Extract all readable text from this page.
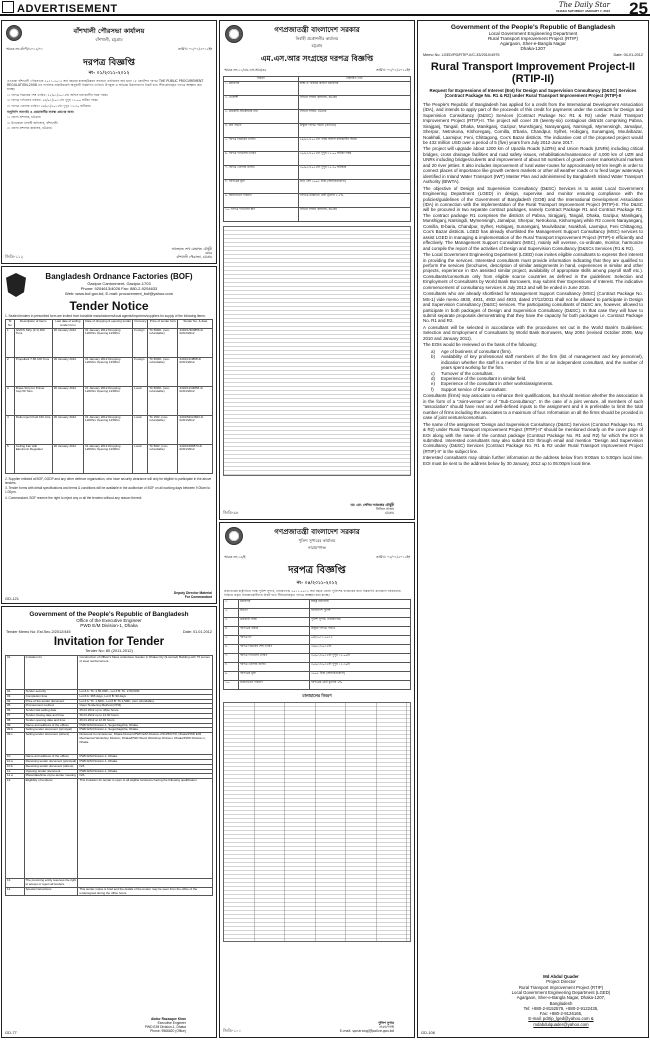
ADVERTISEMENT	The Daily Star
DHAKA SATURDAY JANUARY 7, 2012 25
বাঁশখালী পৌরসভা কার্যালয়
বাঁশখালী, চট্টগ্রাম
স্মারক নং-বাঁপৌ/২০১২/০১	তারিখ: ০১/০১/২০১২ইং
দরপত্র বিজ্ঞপ্তি
নং- ০১/২০১১-২০১২

এতদ্বারা বাঁশখালী পৌরসভার ২০১১-২০১২ অর্থ বছরের রাজস্ব/উন্নয়ন সহায়তা তহবিলের অর্থ দ্বারা ১৮ কোটেশন দরপত্র THE PUBLIC PROCUREMENT REGULATION-2008 এর পাবলিক প্রকিউরমেন্ট অনুযায়ী নিম্নবর্ণিত তারিখে উপযুক্ত ও অভিজ্ঞ ঠিকাদারদের নিকট হতে সীলমোহরকৃত দরপত্র আহ্বান করা যাচ্ছে।

১। দরপত্র বিক্রয়ের শেষ তারিখ: ২৫/০১/২০১২ইং অফিস চলাকালীন সময় পর্যন্ত।

২। দরপত্র দাখিলের তারিখ: ২৬/০১/২০১২ইং দুপুর ১২.০০ ঘটিকা পর্যন্ত।

৩। দরপত্র খোলার তারিখ: ২৬/০১/২০১২ইং দুপুর ১২.৩০ ঘটিকায়।

অনুলিপি অবগতি ও প্রয়োজনীয় ব্যবস্থা গ্রহণের জন্য:

১। জেলা প্রশাসক, চট্টগ্রাম।

২। উপজেলা নির্বাহী অফিসার, বাঁশখালী।

৩। জেলা প্রশাসক কার্যালয়, চট্টগ্রাম।

আলহাজ শেখ মোহাম্মদ চৌধুরী
মেয়র
বাঁশখালী পৌরসভা, চট্টগ্রাম
জিডি-১১২
Bangladesh Ordnance Factories (BOF)
Gazipur Cantonment, Gazipur-1703
Phone: 9204613/4026 Fax: 880-2-9204633
Web: www.bof.gov.bd, E-mail: procurement_bof@yahoo.com
Tender Notice
1. Sealed tenders in prescribed form are invited from bonafide manufacturers/local agents/importers/suppliers for supply of the following items:
Sl No	Description of Items	Last date of selling tender form	Date of dropping & opening tender	Currency	Price of tender form	Tender No. & date
1	GMCS Strip (3.1) 400 Tons	30 January 2012	31 January 2012 Dropping 1200hrs Opening 1230hrs	Foreign	Tk 5000/- (non-refundable)	4401/1/304856 dt 02/01/2012
2	Propellant T-56 100 Tons	30 January 2012	31 January 2012 Dropping 1200hrs Opening 1230hrs	Foreign	Tk 5000/- (non-refundable)	4401/11/4858 dt 02/01/2012
3	Brass Strip for Primer Cap 50 Tons	30 January 2012	31 January 2012 Dropping 1200hrs Opening 1230hrs	Local	Tk 5000/- (non-refundable)	4401/11/34856 dt 02/01/2012
4	Rollo Inject Fluid 166 Litre	30 January 2012	31 January 2012 Dropping 1200hrs Opening 1230hrs	Local	Tk 150/- (non-refundable)	4401/53/A4823 dt 02/01/2012
5	Ceiling Fan with Electronic Regulator	30 January 2012	31 January 2012 Dropping 1200hrs Opening 1230hrs	Local	Tk 500/- (non-refundable)	4401/1656873 dt 02/01/2012

2. Supplier enlisted at BOF, DGDP and any other defence organization, who have security clearance will only be eligible to participate in the above tenders.

3. Tender forms with detail specifications and terms & conditions will be available in the auditorium of BOF on all working days between 9.00am to 1.00pm.

4. Commandant, BOF reserve the right to reject any or all the tenders without any reason thereof.

Deputy Director Material
For Commandant
GD-121
Government of the People's Republic of Bangladesh
Office of the Executive Engineer
PWD E/M Division-1, Dhaka
Tender Memo No: Est.Sec-2/2012/445	Date: 01.01.2012
Invitation for Tender
Tender No: 80 (2011-2012)
01.	Invitation for	Construction of Officer's Mess at Enclave Garden in Dhaka City (9-storied) Building with 75 tonnes of steel reinforcement.
02.	Tender security	Lot # A: Tk. 3,50,000/-, Lot # B: Tk. 2,50,000/-
03.	Completion time	Lot # A: 365 days, Lot # B: 90 days
04.	Price of the tender document	Lot # A: Tk. 1,500/-, Lot # B: Tk.1,500/- (non refundable).
05.	Procurement method	Open Tendering Method (OTM).
06.	Tender last selling date	25.01.2012 up to office hours.
07.	Tender closing date and time	26.01.2012 up to 12.00 hours.
08.	Tender opening date and time	26.01.2012 at 12.30 hours.
09.	Name and address of the offices	PWD E/M Division-1, Segunbagicha, Dhaka.
09.b	Selling tender document (principal)	PWD E/M Division-1, Segunbagicha, Dhaka.
09.c	Selling tender document (others)	Divisional Commissioner, Dhaka Division/PWD E/M Division-2/3/4/5/6/7/8, Dhaka/PWD E/M Mechanical Workshop Division, Dhaka/PWD Wood Workshop Division, Dhaka/PWD Division-1, Dhaka.
10.	Name and address of the offices	PWD E/M Division-1, Dhaka.
10.a	Receiving tender document (principal)	PWD E/M Division-1, Dhaka.
10.b	Receiving tender document (others)	N/A
11.	Opening tender document	PWD E/M Division-1, Dhaka.
11.a	Place/date/time of pre-tender meeting	N/A
12.	Eligibility of tenderer	This invitation for tender is open to all eligible tenderers having the following qualification.
13.	The procuring entity reserves the right to accept or reject all tenders.	
14.	Special instructions	This tender notice is brief and the details of the tender may be seen from the office of the undersigned during the office hours.
Abdur Razzaque Khan
Executive Engineer
PWD E/M Division-1, Dhaka
Phone: 9566620 (Office)
GD-77
গণপ্রজাতন্ত্রী বাংলাদেশ সরকার
নির্বাহী প্রকৌশলীর কার্যালয়
চট্টগ্রাম
এম.এস.আর সংগ্রহের দরপত্র বিজ্ঞপ্তি
স্মারক নং-১১/এম.এস.আর/৩৫	তারিখ: ০১/০১/২০১২ইং
বিবরণ	বিস্তারিত তথ্য
১. মন্ত্রণালয়	স্বাস্থ্য ও পরিবার কল্যাণ মন্ত্রণালয়
২. এজেন্সী	সিভিল সার্জন কার্যালয়, চট্টগ্রাম
৩. ক্রয়কারী প্রতিষ্ঠানের নাম	সিভিল সার্জন, চট্টগ্রাম
৪. ক্রয় পদ্ধতি	উন্মুক্ত দরপত্র পদ্ধতি (ওটিএম)
৫. দরপত্র বিক্রয়ের তারিখ	২৯/০১/২০১২ইং পর্যন্ত অফিস চলাকালীন সময়ে
৬. দরপত্র দাখিলের তারিখ	৩০/০১/২০১২ইং দুপুর ১২.০০ ঘটিকা পর্যন্ত
৭. দরপত্র খোলার তারিখ	৩০/০১/২০১২ইং দুপুর ১২.৩০ ঘটিকায়
৮. দরপত্রের মূল্য	প্রতি সেট ৫০০/- টাকা (অফেরতযোগ্য)
৯. জামানতের পরিমাণ	দরপত্রে উল্লিখিত মোট মূল্যের ২.৫%
১০. দরপত্র দাখিলের স্থান	সিভিল সার্জন কার্যালয়, চট্টগ্রাম
ডা: মো: সেলিম আকতার চৌধুরী
সিভিল সার্জন
চট্টগ্রাম
জিডি-৯৮
গণপ্রজাতন্ত্রী বাংলাদেশ সরকার
পুলিশ সুপারের কার্যালয়
নারায়ণগঞ্জ
স্মারক নং-১৬/ই	তারিখ: ০২/০১/২০১২ইং
দরপত্র বিজ্ঞপ্তি
নং- ০৪/২০১১-২০১২
প্রজাতন্ত্রের রাষ্ট্রপতির পক্ষে পুলিশ সুপার, নারায়ণগঞ্জ ২০১১-২০১২ অর্থ বছরে জেলা পুলিশের ব্যবহারের জন্য নিম্নবর্ণিত মালামাল সরবরাহের নিমিত্তে প্রকৃত সরবরাহকারীদের নিকট হতে সীলমোহরকৃত দরপত্র আহ্বান করা যাচ্ছে।
১.	মন্ত্রণালয়	স্বরাষ্ট্র মন্ত্রণালয়
২.	বিভাগ	বাংলাদেশ পুলিশ
৩.	ক্রয়কারী সংস্থা	পুলিশ সুপার, নারায়ণগঞ্জ
৪.	দরপত্রের প্রকার	উন্মুক্ত দরপত্র পদ্ধতি
৫.	দরপত্র নং	০৪/২০১১-২০১২
৬.	দরপত্র বিক্রয়ের শেষ তারিখ	২৯/০১/২০১২ইং
৭.	দরপত্র দাখিলের তারিখ	৩০/০১/২০১২ইং দুপুর ১২.০০টা
৮.	দরপত্র খোলার তারিখ	৩০/০১/২০১২ইং দুপুর ১২.৩০টা
৯.	দরপত্রের মূল্য	৫০০/- টাকা (অফেরতযোগ্য)
১০.	জামানতের পরিমাণ	দরপত্রের মোট মূল্যের ২%
মালামালের বিবরণ
পুলিশ সুপার
নারায়ণগঞ্জ
E-mail: spnarangj@police.gov.bd
জিডি-১০০
Government of the People's Republic of Bangladesh
Local Government Engineering Department
Rural Transport Improvement Project (RTIP)
Agargaon, Sher-e-Bangla Nagar
Dhaka-1207
Memo No. LGED/PD/RTIP-II/C-33/2010/4975	Date: 04-01-2012
Rural Transport Improvement Project-II (RTIP-II)
Request for Expressions of Interest (EoI) for Design and Supervision Consultancy (D&SC) Services (Contract Package No. R1 & R2) under Rural Transport Improvement Project (RTIP)-II

The People's Republic of Bangladesh has applied for a credit from the International Development Association (IDA), and intends to apply part of the proceeds of this credit for payments under the contracts for Design and Supervision Consultancy (D&SC) Services (Contract Package No: R1 & R2) under Rural Transport Improvement Project (RTIP)-II. The project will cover 26 (twenty-six) contagious districts comprising Pabna, Sirajganj, Tangail, Dhaka, Manikganj, Gazipur, Munshiganj, Narayanganj, Narsingdi, Mymensingh, Jamalpur, Sherpur, Netrokona, Kishoreganj, Comilla, B'baria, Chandpur, Sylhet, Hobiganj, Sunamganj, Moulvibazar, Noakhali, Laxmipur, Feni, Chittagong, Cox's Bazar districts. The indicative cost of the proposed project would be 432 million USD over a period of 5 (five) years from July 2012-June 2017.

The project will upgrade about 1200 km of Upazila Roads (UZRs) and Union Roads (UNRs) including critical bridges, cross drainage facilities and road safety issues, rehabilitation/maintenance of 4,000 km of UZR and UNRs including bridges/culverts and improvement of about 50 numbers of growth center markets/rural markets and 20 river jetties. It also includes improvement of rural water-routes for approximately 50 km length in order to connect places of importance like growth centers markets or other all weather roads or to feed larger waterways identified in Inland Water Transport (IWT) Master Plan and administered by Bangladesh Inland Water Transport Authority (BIWTA).

The objective of Design and Supervision Consultancy (D&SC) Services is to assist Local Government Engineering Department (LGED) in design, supervise and monitor ensuring compliance with the policies/guidelines of the Government of Bangladesh (GOB) and the International Development Association (IDA) in connection with the implementation of the Rural Transport Improvement Project (RTIP)-II. The D&SC will be procured in two separate contract packages, namely Contract Package R1 and Contract Package R2. The contract package R1 comprises the districts of Pabna, Sirajganj, Tangail, Dhaka, Gazipur, Manikganj, Munshiganj, Narsingdi, Mymensingh, Jamalpur, Sherpur, Netrokona, Kishoreganj while R2 covers Narayanganj, Comilla, B-baria, Chandpur, Sylhet, Hobiganj, Sunamganj, Moulvibazar, Noakhali, Laxmipur, Feni Chittagong, Cox's Bazar districts. LGED has already shortlisted the Management Support Consultancy (MSC) services to assist LGED in managing & implementation of the Rural Transport Improvement Project (RTIP)-II efficiently and effectively. The Management Support Consultant (MSC), mainly will oversee, co-ordinate, monitor, harmonize and compile the report of the activities of Design and Supervision Consultancy (D&SCs Services (R1 & R2).

The Local Government Engineering Department (LGED) now invites eligible consultants to express their interest in providing the services. Interested consultants must provide information indicating that they are qualified to perform the services (brochures, description of similar assignments in hand, experiences in similar and other projects, experience in IDA assisted similar project, availability of appropriate skills among payroll staff etc.). Consultants/consortium only from eligible source countries as defined in the guidelines: Selection and Employment of Consultants by World Bank Borrowers, may submit their Expressions of Interest. The indicative commencement of consultancy services is July 2012 and will be ended in June 2016.

Consultants who are already shortlisted for Management Support Consultancy (MSC) (Contract Package No. MS-1) vide memo 4930, 4931, 4932 and 4933, dated 27/12/2011 shall not be allowed to participate in Design and Supervision Consultancy (D&SC) services. The participating consultants of D&SC are, however, allowed to participate in both packages of Design and Supervision Consultancy (D&SC). In that case they will have to submit separate proposals demonstrating that they have the capacity for both packages i.e. Contract Package No. R1 and R2.

A consultant will be selected in accordance with the procedures set out in the World Bank's Guidelines: Selection and Employment of Consultants by World Bank Borrowers, May 2004 (revised October 2006, May 2010 and January 2011).

The EOIs would be reviewed on the basis of the following:

a)	Age of business of consultant (firm).
b)	Availability of key professional staff members of the firm (list of management and key personnel), indication whether the staff is a member of the firm or an independent consultant, and the number of years spent working for the firm.
c)	Turnover of the consultant.
d)	Experience of the consultant in similar field.
e)	Experience of the consultant in other works/assignments.
f)	Support service of the consultant.

Consultants (firms) may associate to enhance their qualifications, but should mention whether the association is in the form of a "Joint-venture" or of "Sub-Consultancy". In the case of a joint venture, all members of such "association" should have real and well-defined inputs to the assignment and it is preferable to limit the total number of firms including the associates to a maximum of four. Information on all the firms should be provided in case of joint venture/consortium.

The name of the assignment "Design and Supervision Consultancy (D&SC) Services (Contract Package No. R1 & R2) under Rural Transport Improvement Project (RTIP)-II" should be mentioned clearly on the cover page of EOI along with the name of the contract package (Contract Package No. R1 and R2) for which the EOI is submitted. Interested consultants may also submit EOI through email and mention "Design and Supervision Consultancy (D&SC) Services (Contract Package No. R1 & R2 under Rural Transport Improvement Project (RTIP)-II" in the subject line.

Interested consultants may obtain further information at the address below from 9:00am to 5:00pm local time. EOI must be sent to the address below by 30 January, 2012 up to 05:00pm local time.

Md Abdul Quader
Project Director
Rural Transport Improvement Project (RTIP)
Local Government Engineering Department (LGED)
Agargaon, Sher-e-Bangla Nagar, Dhaka-1207,
Bangladesh
Tel: +880-2-8152579, +880-2-9122435,
Fax: +880-2-9126165,
E-mail: pdrtip_lged@yahoo.com &
mdabdulquader@yahoo.com
GD-106
